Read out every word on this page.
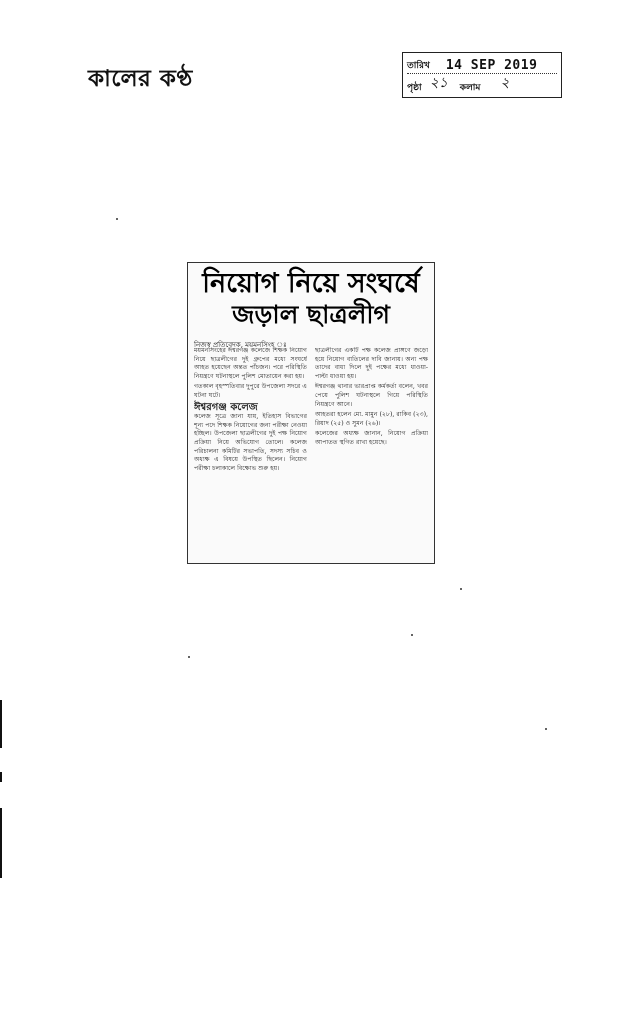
কালের কণ্ঠ	তারিখ 14 SEP 2019
পৃষ্ঠা ২১ কলাম ২
নিয়োগ নিয়ে সংঘর্ষে
জড়াল ছাত্রলীগ
নিজস্ব প্রতিবেদক, ময়মনসিংহ ঃ

ময়মনসিংহের ঈশ্বরগঞ্জ কলেজে শিক্ষক নিয়োগ নিয়ে ছাত্রলীগের দুই গ্রুপের মধ্যে সংঘর্ষে আহত হয়েছেন অন্তত পাঁচজন। পরে পরিস্থিতি নিয়ন্ত্রণে ঘটনাস্থলে পুলিশ মোতায়েন করা হয়।

গতকাল বৃহস্পতিবার দুপুরে উপজেলা সদরে এ ঘটনা ঘটে।

ঈশ্বরগঞ্জ কলেজ

কলেজ সূত্রে জানা যায়, ইতিহাস বিভাগের শূন্য পদে শিক্ষক নিয়োগের জন্য পরীক্ষা নেওয়া হচ্ছিল। উপজেলা ছাত্রলীগের দুই পক্ষ নিয়োগ প্রক্রিয়া নিয়ে অভিযোগ তোলে। কলেজ পরিচালনা কমিটির সভাপতি, সদস্য সচিব ও অধ্যক্ষ এ বিষয়ে উপস্থিত ছিলেন। নিয়োগ পরীক্ষা চলাকালে বিক্ষোভ শুরু হয়।

ছাত্রলীগের একটি পক্ষ কলেজ প্রাঙ্গণে জড়ো হয়ে নিয়োগ বাতিলের দাবি জানায়। অন্য পক্ষ তাদের বাধা দিলে দুই পক্ষের মধ্যে ধাওয়া-পাল্টা ধাওয়া হয়।

ঈশ্বরগঞ্জ থানার ভারপ্রাপ্ত কর্মকর্তা বলেন, খবর পেয়ে পুলিশ ঘটনাস্থলে গিয়ে পরিস্থিতি নিয়ন্ত্রণে আনে।

আহতরা হলেন মো. মামুন (২৮), রাকিব (২৩), রিয়াদ (২৫) ও সুমন (২৬)।

কলেজের অধ্যক্ষ জানান, নিয়োগ প্রক্রিয়া আপাতত স্থগিত রাখা হয়েছে।
